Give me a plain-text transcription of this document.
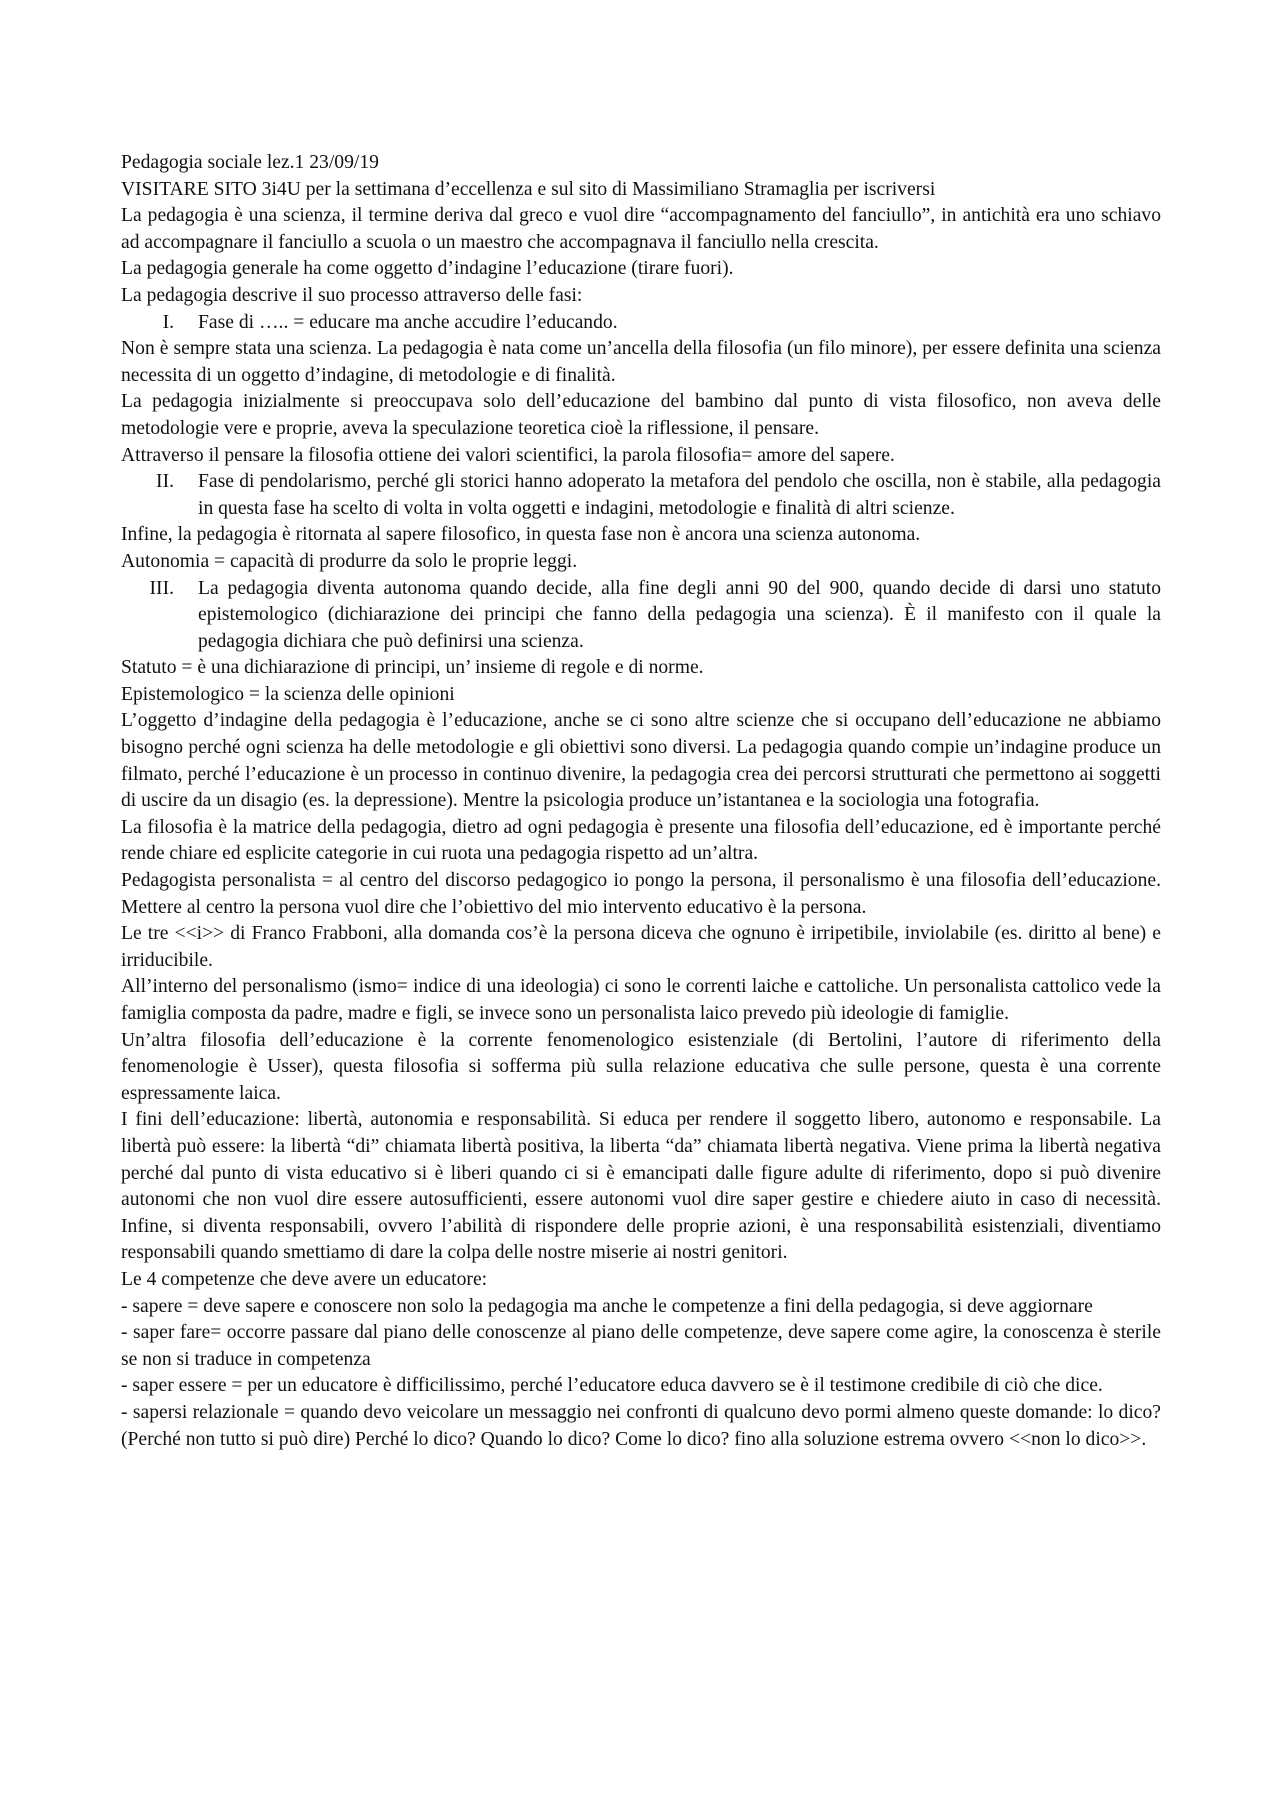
Pedagogia sociale lez.1 23/09/19

VISITARE SITO 3i4U per la settimana d’eccellenza e sul sito di Massimiliano Stramaglia per iscriversi

La pedagogia è una scienza, il termine deriva dal greco e vuol dire “accompagnamento del fanciullo”, in antichità era uno schiavo ad accompagnare il fanciullo a scuola o un maestro che accompagnava il fanciullo nella crescita.

La pedagogia generale ha come oggetto d’indagine l’educazione (tirare fuori).

La pedagogia descrive il suo processo attraverso delle fasi:

I. Fase di ….. = educare ma anche accudire l’educando.

Non è sempre stata una scienza. La pedagogia è nata come un’ancella della filosofia (un filo minore), per essere definita una scienza necessita di un oggetto d’indagine, di metodologie e di finalità.

La pedagogia inizialmente si preoccupava solo dell’educazione del bambino dal punto di vista filosofico, non aveva delle metodologie vere e proprie, aveva la speculazione teoretica cioè la riflessione, il pensare.

Attraverso il pensare la filosofia ottiene dei valori scientifici, la parola filosofia= amore del sapere.

II. Fase di pendolarismo, perché gli storici hanno adoperato la metafora del pendolo che oscilla, non è stabile, alla pedagogia in questa fase ha scelto di volta in volta oggetti e indagini, metodologie e finalità di altri scienze.

Infine, la pedagogia è ritornata al sapere filosofico, in questa fase non è ancora una scienza autonoma.

Autonomia = capacità di produrre da solo le proprie leggi.

III. La pedagogia diventa autonoma quando decide, alla fine degli anni 90 del 900, quando decide di darsi uno statuto epistemologico (dichiarazione dei principi che fanno della pedagogia una scienza). È il manifesto con il quale la pedagogia dichiara che può definirsi una scienza.

Statuto = è una dichiarazione di principi, un’ insieme di regole e di norme.

Epistemologico = la scienza delle opinioni

L’oggetto d’indagine della pedagogia è l’educazione, anche se ci sono altre scienze che si occupano dell’educazione ne abbiamo bisogno perché ogni scienza ha delle metodologie e gli obiettivi sono diversi. La pedagogia quando compie un’indagine produce un filmato, perché l’educazione è un processo in continuo divenire, la pedagogia crea dei percorsi strutturati che permettono ai soggetti di uscire da un disagio (es. la depressione). Mentre la psicologia produce un’istantanea e la sociologia una fotografia.

La filosofia è la matrice della pedagogia, dietro ad ogni pedagogia è presente una filosofia dell’educazione, ed è importante perché rende chiare ed esplicite categorie in cui ruota una pedagogia rispetto ad un’altra.

Pedagogista personalista = al centro del discorso pedagogico io pongo la persona, il personalismo è una filosofia dell’educazione. Mettere al centro la persona vuol dire che l’obiettivo del mio intervento educativo è la persona.

Le tre <<i>> di Franco Frabboni, alla domanda cos’è la persona diceva che ognuno è irripetibile, inviolabile (es. diritto al bene) e irriducibile.

All’interno del personalismo (ismo= indice di una ideologia) ci sono le correnti laiche e cattoliche. Un personalista cattolico vede la famiglia composta da padre, madre e figli, se invece sono un personalista laico prevedo più ideologie di famiglie.

Un’altra filosofia dell’educazione è la corrente fenomenologico esistenziale (di Bertolini, l’autore di riferimento della fenomenologie è Usser), questa filosofia si sofferma più sulla relazione educativa che sulle persone, questa è una corrente espressamente laica.

I fini dell’educazione: libertà, autonomia e responsabilità. Si educa per rendere il soggetto libero, autonomo e responsabile. La libertà può essere: la libertà “di” chiamata libertà positiva, la liberta “da” chiamata libertà negativa. Viene prima la libertà negativa perché dal punto di vista educativo si è liberi quando ci si è emancipati dalle figure adulte di riferimento, dopo si può divenire autonomi che non vuol dire essere autosufficienti, essere autonomi vuol dire saper gestire e chiedere aiuto in caso di necessità. Infine, si diventa responsabili, ovvero l’abilità di rispondere delle proprie azioni, è una responsabilità esistenziali, diventiamo responsabili quando smettiamo di dare la colpa delle nostre miserie ai nostri genitori.

Le 4 competenze che deve avere un educatore:

- sapere = deve sapere e conoscere non solo la pedagogia ma anche le competenze a fini della pedagogia, si deve aggiornare

- saper fare= occorre passare dal piano delle conoscenze al piano delle competenze, deve sapere come agire, la conoscenza è sterile se non si traduce in competenza

- saper essere = per un educatore è difficilissimo, perché l’educatore educa davvero se è il testimone credibile di ciò che dice.

- sapersi relazionale = quando devo veicolare un messaggio nei confronti di qualcuno devo pormi almeno queste domande: lo dico? (Perché non tutto si può dire) Perché lo dico? Quando lo dico? Come lo dico? fino alla soluzione estrema ovvero <<non lo dico>>.
